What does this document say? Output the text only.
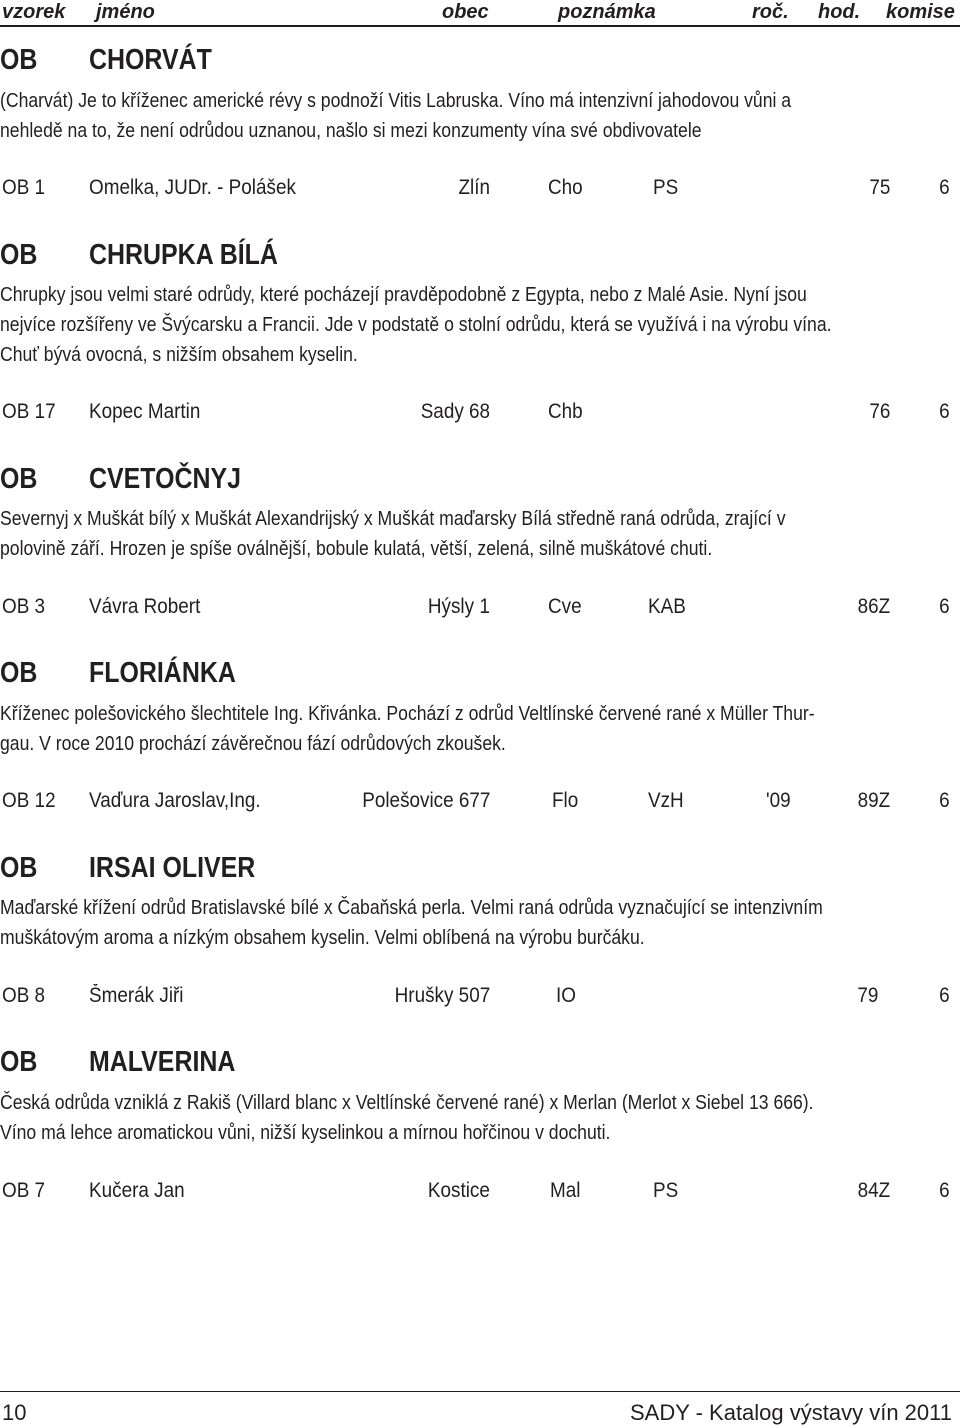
vzorek jméno	obec	poznámka	roč. hod. komise
OB CHORVÁT
(Charvát) Je to kříženec americké révy s podnoží Vitis Labruska. Víno má intenzivní jahodovou vůni a
nehledě na to, že není odrůdou uznanou, našlo si mezi konzumenty vína své obdivovatele
OB 1 Omelka, JUDr. - Polášek	Zlín	Cho	PS	75 6
OB CHRUPKA BÍLÁ
Chrupky jsou velmi staré odrůdy, které pocházejí pravděpodobně z Egypta, nebo z Malé Asie. Nyní jsou
nejvíce rozšířeny ve Švýcarsku a Francii. Jde v podstatě o stolní odrůdu, která se využívá i na výrobu vína.
Chuť bývá ovocná, s nižším obsahem kyselin.
OB 17 Kopec Martin	Sady 68	Chb	76 6
OB CVETOČNYJ
Severnyj x Muškát bílý x Muškát Alexandrijský x Muškát maďarsky Bílá středně raná odrůda, zrající v
polovině září. Hrozen je spíše oválnější, bobule kulatá, větší, zelená, silně muškátové chuti.
OB 3 Vávra Robert	Hýsly 1	Cve	KAB	86Z 6
OB FLORIÁNKA
Kříženec polešovického šlechtitele Ing. Křivánka. Pochází z odrůd Veltlínské červené rané x Müller Thur-
gau. V roce 2010 prochází závěrečnou fází odrůdových zkoušek.
OB 12 Vaďura Jaroslav,Ing.	Polešovice 677	Flo	VzH	'09	89Z 6
OB IRSAI OLIVER
Maďarské křížení odrůd Bratislavské bílé x Čabaňská perla. Velmi raná odrůda vyznačující se intenzivním
muškátovým aroma a nízkým obsahem kyselin. Velmi oblíbená na výrobu burčáku.
OB 8 Šmerák Jiři	Hrušky 507	IO	79	6
OB MALVERINA
Česká odrůda vzniklá z Rakiš (Villard blanc x Veltlínské červené rané) x Merlan (Merlot x Siebel 13 666).
Víno má lehce aromatickou vůni, nižší kyselinkou a mírnou hořčinou v dochuti.
OB 7 Kučera Jan	Kostice	Mal	PS	84Z 6
10	SADY - Katalog výstavy vín 2011
